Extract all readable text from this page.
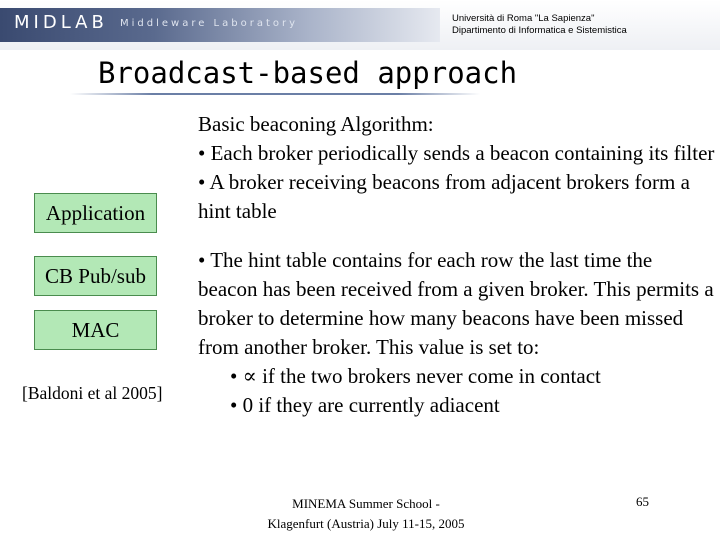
MIDLAB Middleware Laboratory	Università di Roma "La Sapienza"
Dipartimento di Informatica e Sistemistica
Broadcast-based approach
Application
CB Pub/sub
MAC
[Baldoni et al 2005]

Basic beaconing Algorithm:

• Each broker periodically sends a beacon containing its filter

• A broker receiving beacons from adjacent brokers form a hint table

• The hint table contains for each row the last time the beacon has been received from a given broker. This permits a broker to determine how many beacons have been missed from another broker. This value is set to:

• ∝ if the two brokers never come in contact

• 0 if they are currently adiacent

MINEMA Summer School -
Klagenfurt (Austria) July 11-15, 2005
65
